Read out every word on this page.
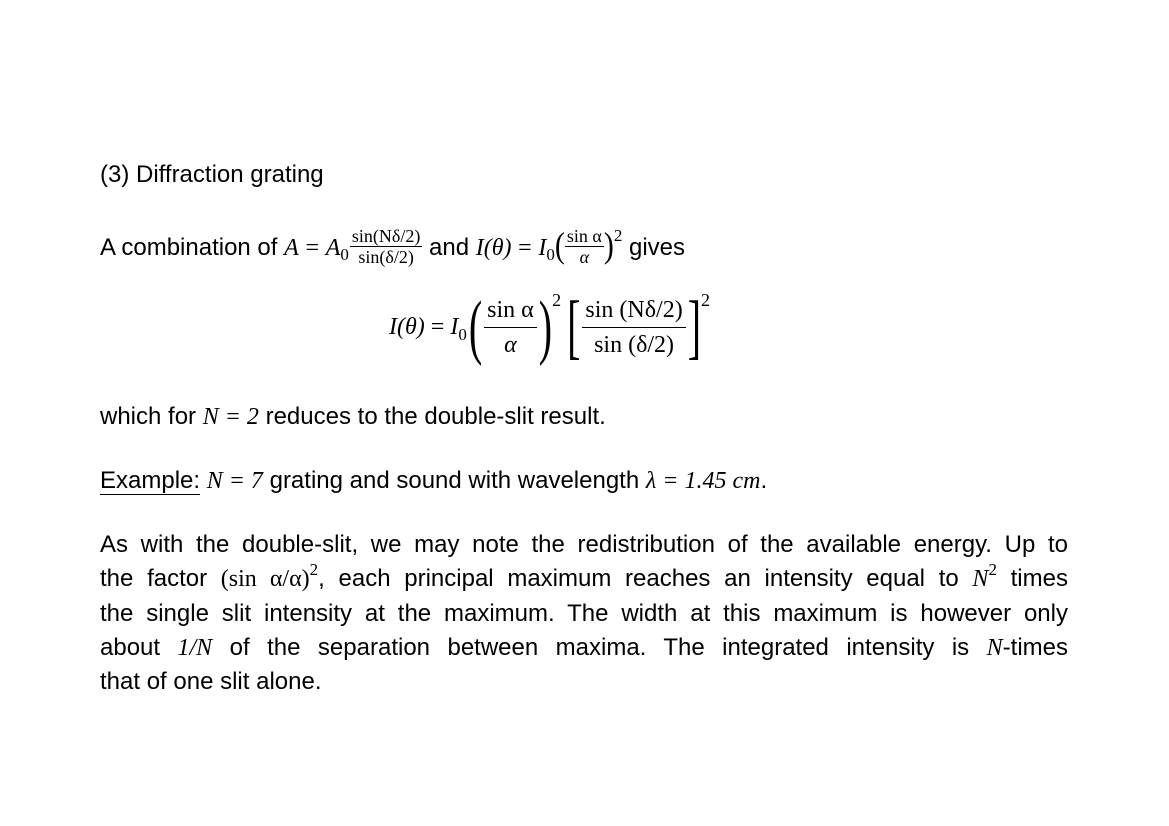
(3) Diffraction grating
A combination of $A = A_0 \frac{\sin(N\delta/2)}{\sin(\delta/2)}$ and $I(\theta) = I_0( \frac{\text{sin α}}{\alpha} )^2$ gives
I(θ) = I 0 ( $\frac{\text{sin α}}{\alpha}$ ) 2 [ $\frac{\sin (N\delta/2)}{\sin (\delta/2)}$ ] 2
which for N = 2 reduces to the double-slit result.
Example: N = 7 grating and sound with wavelength λ = 1.45 cm.
As with the double-slit, we may note the redistribution of the available energy. Up to
the factor (sin α/α)$^2$, each principal maximum reaches an intensity equal to $N^2$ times
the single slit intensity at the maximum. The width at this maximum is however only
about 1/N of the separation between maxima. The integrated intensity is N-times
that of one slit alone.
